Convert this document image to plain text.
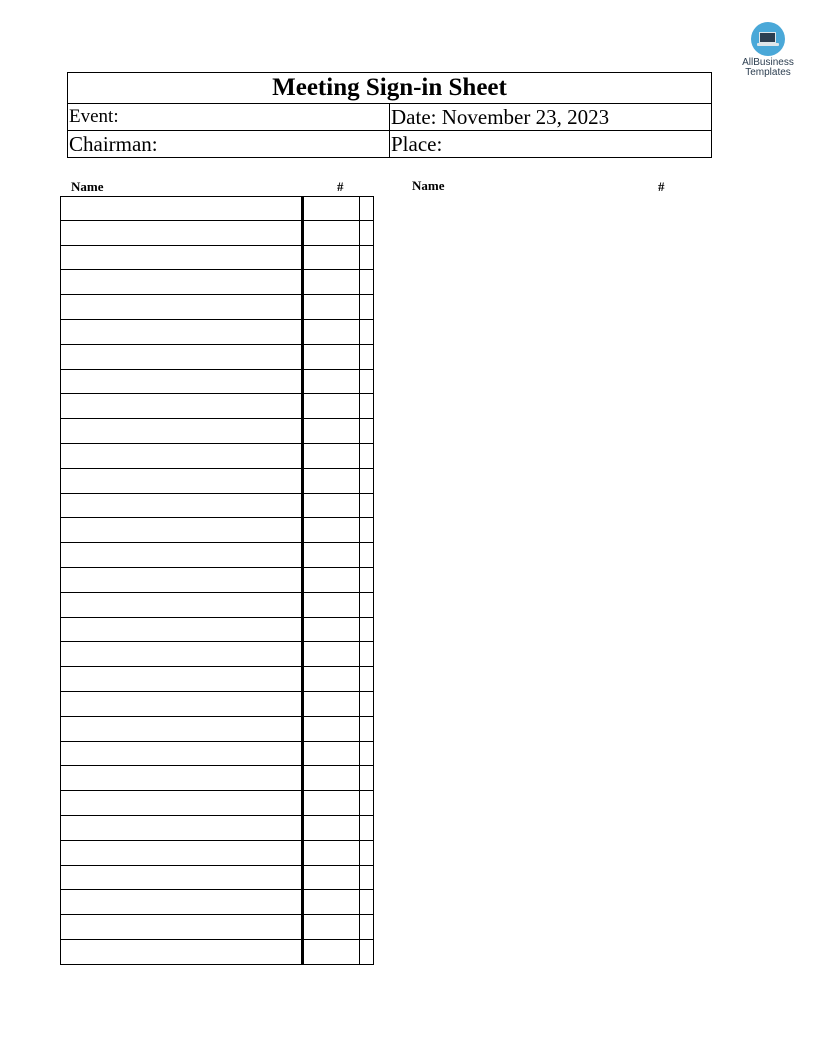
AllBusiness
Templates
Meeting Sign-in Sheet	
Event:	Date: November 23, 2023
Chairman:	Place:
Name	#	Name	#
